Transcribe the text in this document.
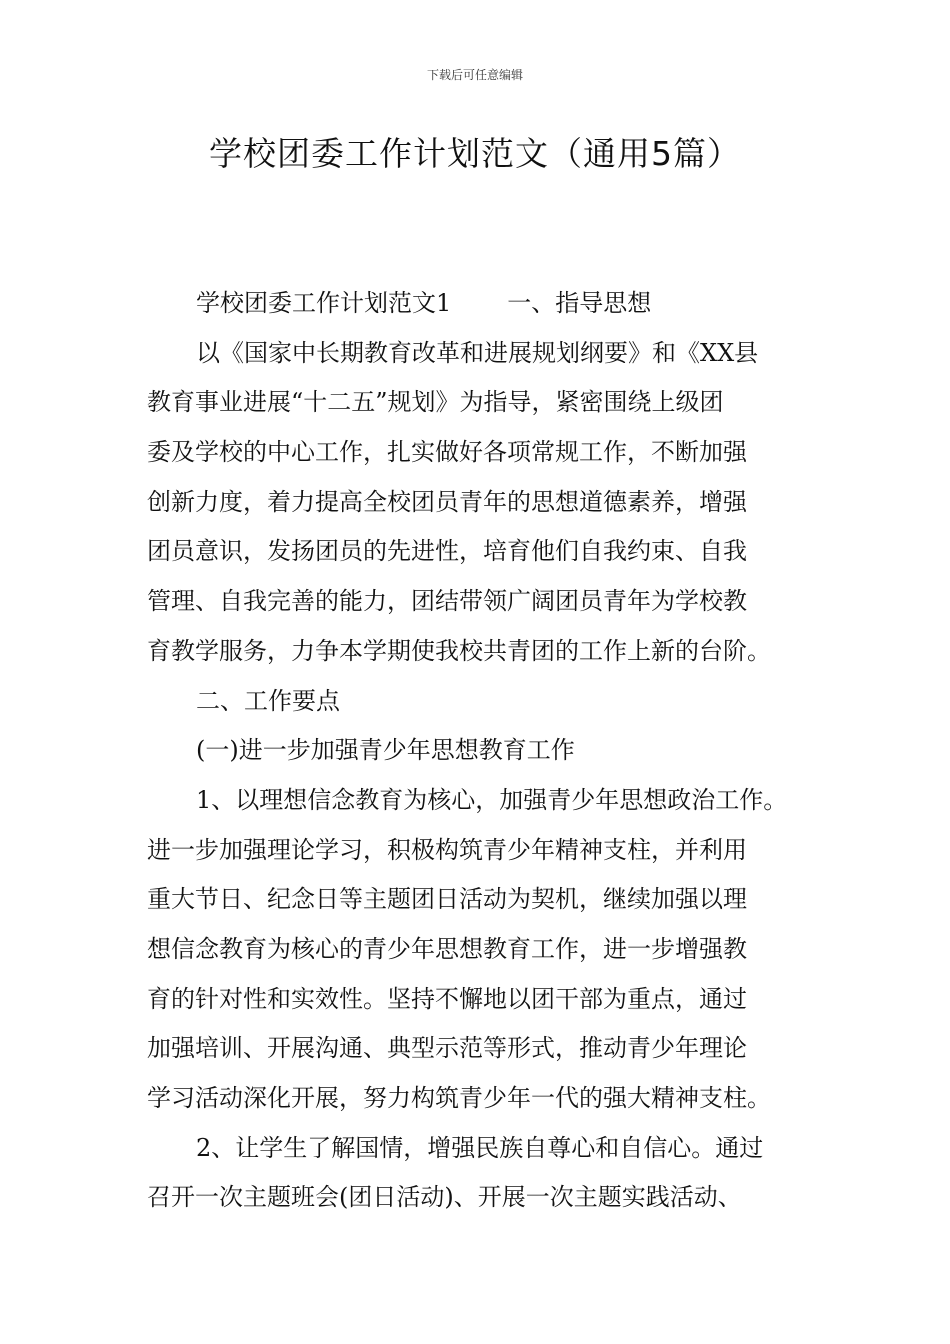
下载后可任意编辑
学校团委工作计划范文（通用5篇）
学校团委工作计划范文1 一、指导思想
以《国家中长期教育改革和进展规划纲要》和《XX县
教育事业进展“十二五”规划》为指导，紧密围绕上级团
委及学校的中心工作，扎实做好各项常规工作，不断加强
创新力度，着力提高全校团员青年的思想道德素养，增强
团员意识，发扬团员的先进性，培育他们自我约束、自我
管理、自我完善的能力，团结带领广阔团员青年为学校教
育教学服务，力争本学期使我校共青团的工作上新的台阶。
二、工作要点
(一)进一步加强青少年思想教育工作
1、以理想信念教育为核心，加强青少年思想政治工作。
进一步加强理论学习，积极构筑青少年精神支柱，并利用
重大节日、纪念日等主题团日活动为契机，继续加强以理
想信念教育为核心的青少年思想教育工作，进一步增强教
育的针对性和实效性。坚持不懈地以团干部为重点，通过
加强培训、开展沟通、典型示范等形式，推动青少年理论
学习活动深化开展，努力构筑青少年一代的强大精神支柱。
2、让学生了解国情，增强民族自尊心和自信心。通过
召开一次主题班会(团日活动)、开展一次主题实践活动、
